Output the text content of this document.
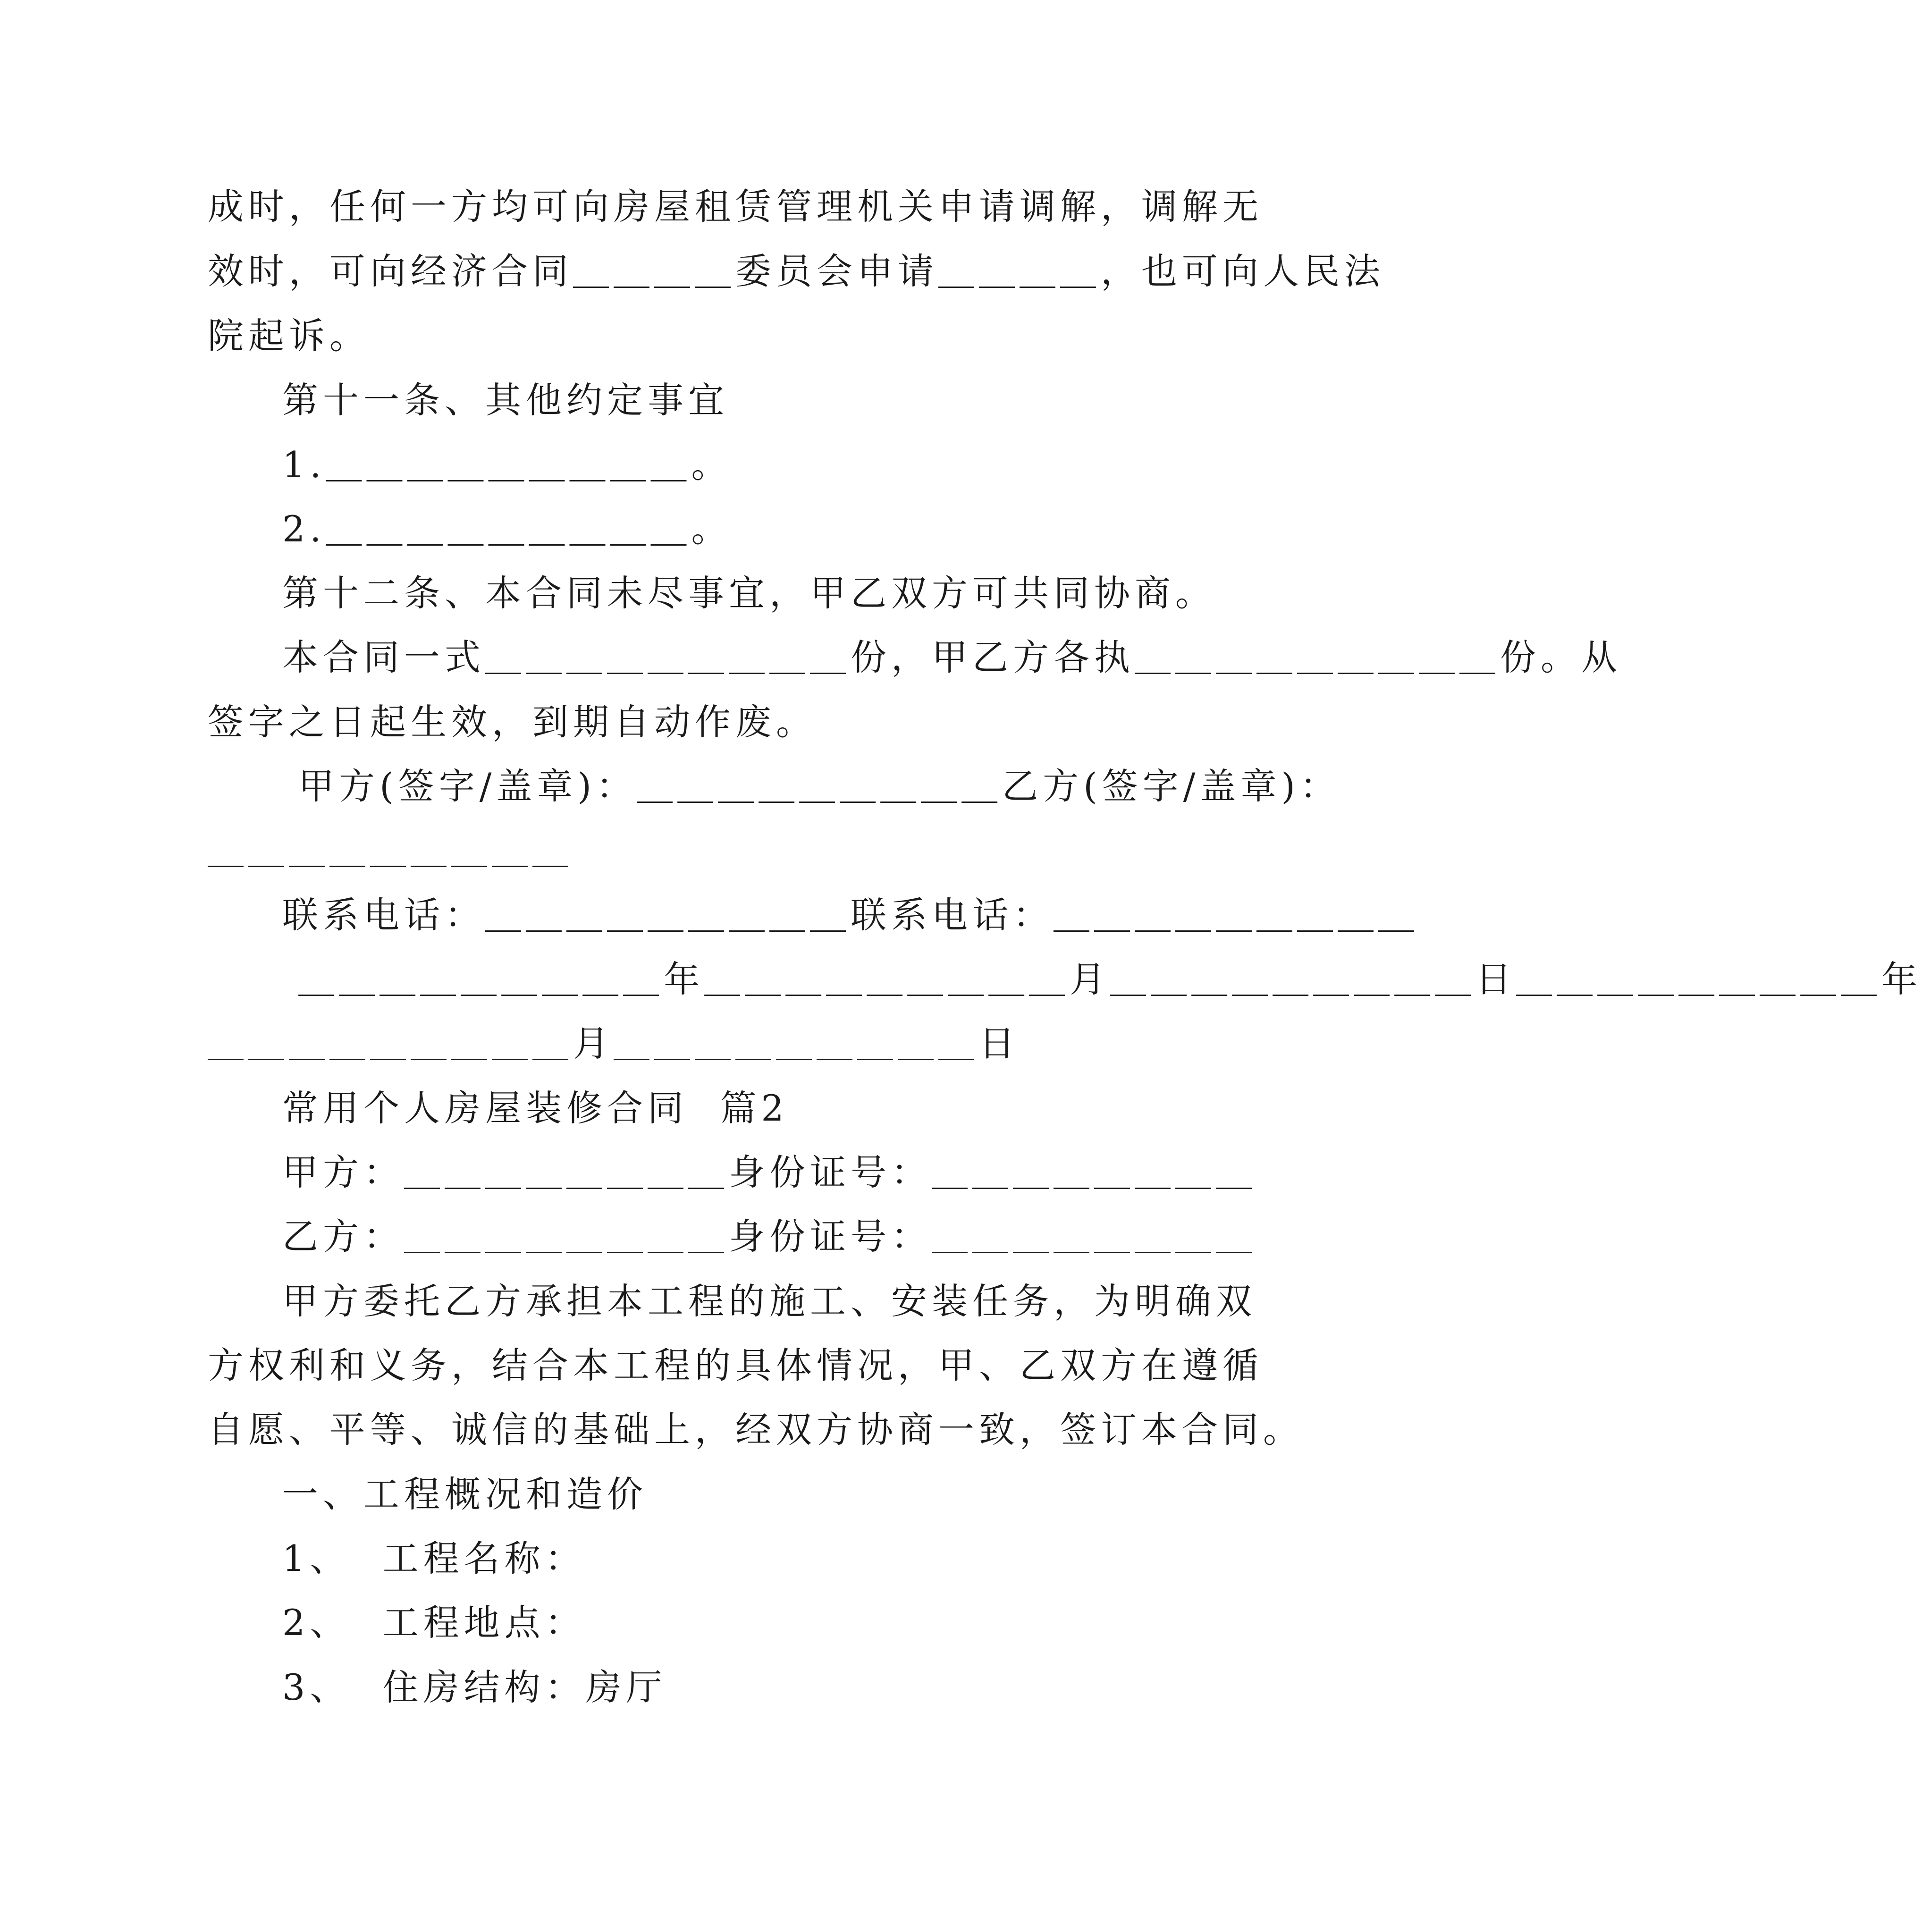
成时，任何一方均可向房屋租赁管理机关申请调解，调解无
效时，可向经济合同＿＿＿＿委员会申请＿＿＿＿，也可向人民法
院起诉。
第十一条、其他约定事宜
1.＿＿＿＿＿＿＿＿＿。
2.＿＿＿＿＿＿＿＿＿。
第十二条、本合同未尽事宜，甲乙双方可共同协商。
本合同一式＿＿＿＿＿＿＿＿＿份，甲乙方各执＿＿＿＿＿＿＿＿＿份。从
签字之日起生效，到期自动作废。
甲方(签字/盖章)：＿＿＿＿＿＿＿＿＿乙方(签字/盖章)：
＿＿＿＿＿＿＿＿＿
联系电话：＿＿＿＿＿＿＿＿＿联系电话：＿＿＿＿＿＿＿＿＿
＿＿＿＿＿＿＿＿＿年＿＿＿＿＿＿＿＿＿月＿＿＿＿＿＿＿＿＿日＿＿＿＿＿＿＿＿＿年
＿＿＿＿＿＿＿＿＿月＿＿＿＿＿＿＿＿＿日
常用个人房屋装修合同  篇2
甲方：＿＿＿＿＿＿＿＿身份证号：＿＿＿＿＿＿＿＿
乙方：＿＿＿＿＿＿＿＿身份证号：＿＿＿＿＿＿＿＿
甲方委托乙方承担本工程的施工、安装任务，为明确双
方权利和义务，结合本工程的具体情况，甲、乙双方在遵循
自愿、平等、诚信的基础上，经双方协商一致，签订本合同。
一、工程概况和造价
1、  工程名称：
2、  工程地点：
3、  住房结构：房厅
